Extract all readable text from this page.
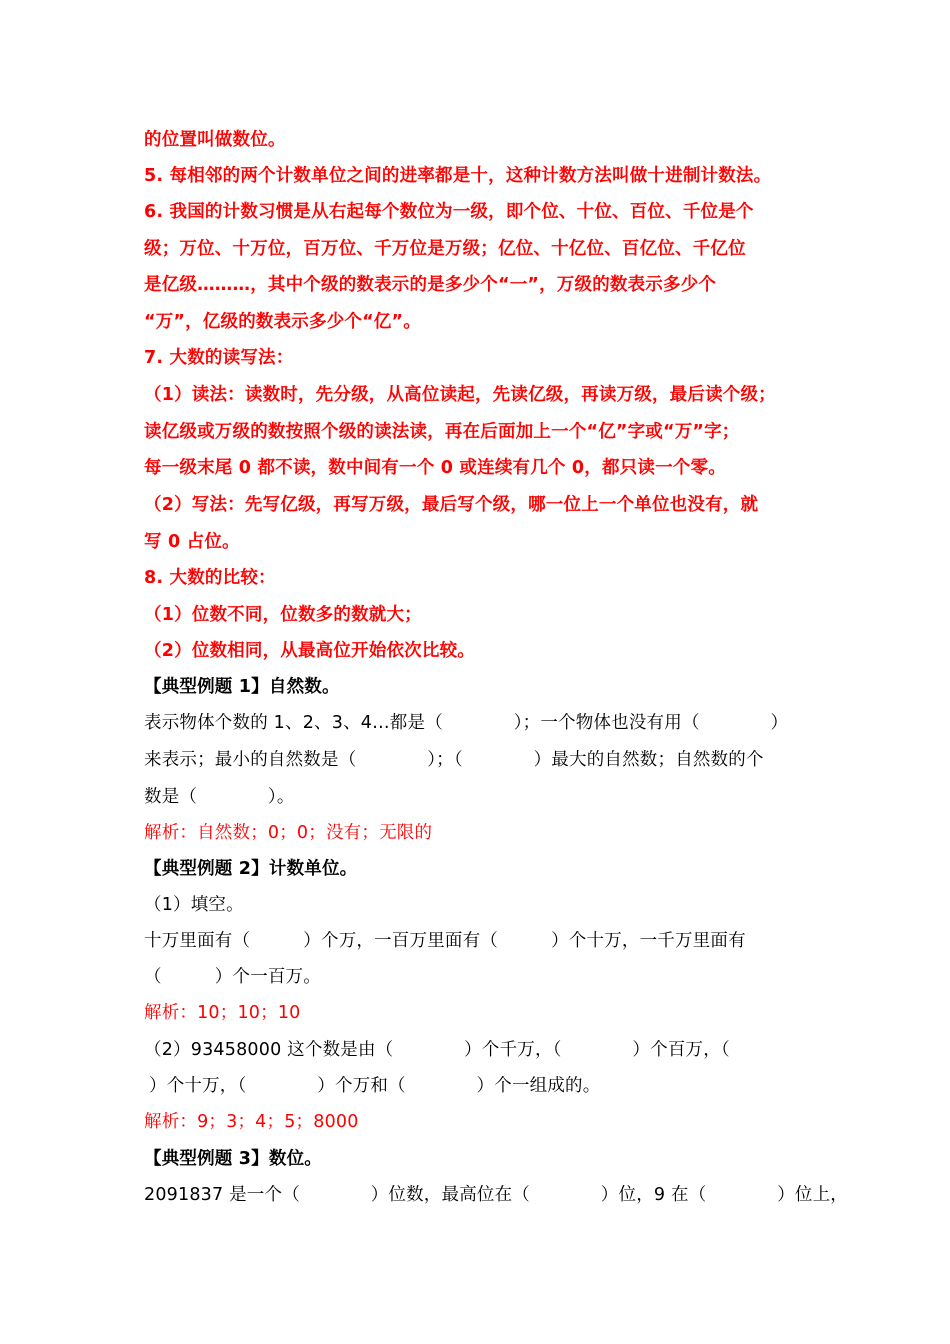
的位置叫做数位。
5. 每相邻的两个计数单位之间的进率都是十，这种计数方法叫做十进制计数法。
6. 我国的计数习惯是从右起每个数位为一级，即个位、十位、百位、千位是个
级；万位、十万位，百万位、千万位是万级；亿位、十亿位、百亿位、千亿位
是亿级………，其中个级的数表示的是多少个“一”，万级的数表示多少个
“万”，亿级的数表示多少个“亿”。
7. 大数的读写法：
（1）读法：读数时，先分级，从高位读起，先读亿级，再读万级，最后读个级；
读亿级或万级的数按照个级的读法读，再在后面加上一个“亿”字或“万”字；
每一级末尾 0 都不读，数中间有一个 0 或连续有几个 0，都只读一个零。
（2）写法：先写亿级，再写万级，最后写个级，哪一位上一个单位也没有，就
写 0 占位。
8. 大数的比较：
（1）位数不同，位数多的数就大；
（2）位数相同，从最高位开始依次比较。
【典型例题 1】自然数。
表示物体个数的 1、2、3、4…都是（　　　　）；一个物体也没有用（　　　　）
来表示；最小的自然数是（　　　　）；（　　　　）最大的自然数；自然数的个
数是（　　　　）。
解析：自然数；0；0；没有；无限的
【典型例题 2】计数单位。
（1）填空。
十万里面有（　　　）个万，一百万里面有（　　　）个十万，一千万里面有
（　　　）个一百万。
解析：10；10；10
（2）93458000 这个数是由（　　　　）个千万，（　　　　）个百万，（
）个十万，（　　　　）个万和（　　　　）个一组成的。
解析：9；3；4；5；8000
【典型例题 3】数位。
2091837 是一个（　　　　）位数，最高位在（　　　　）位，9 在（　　　　）位上，
